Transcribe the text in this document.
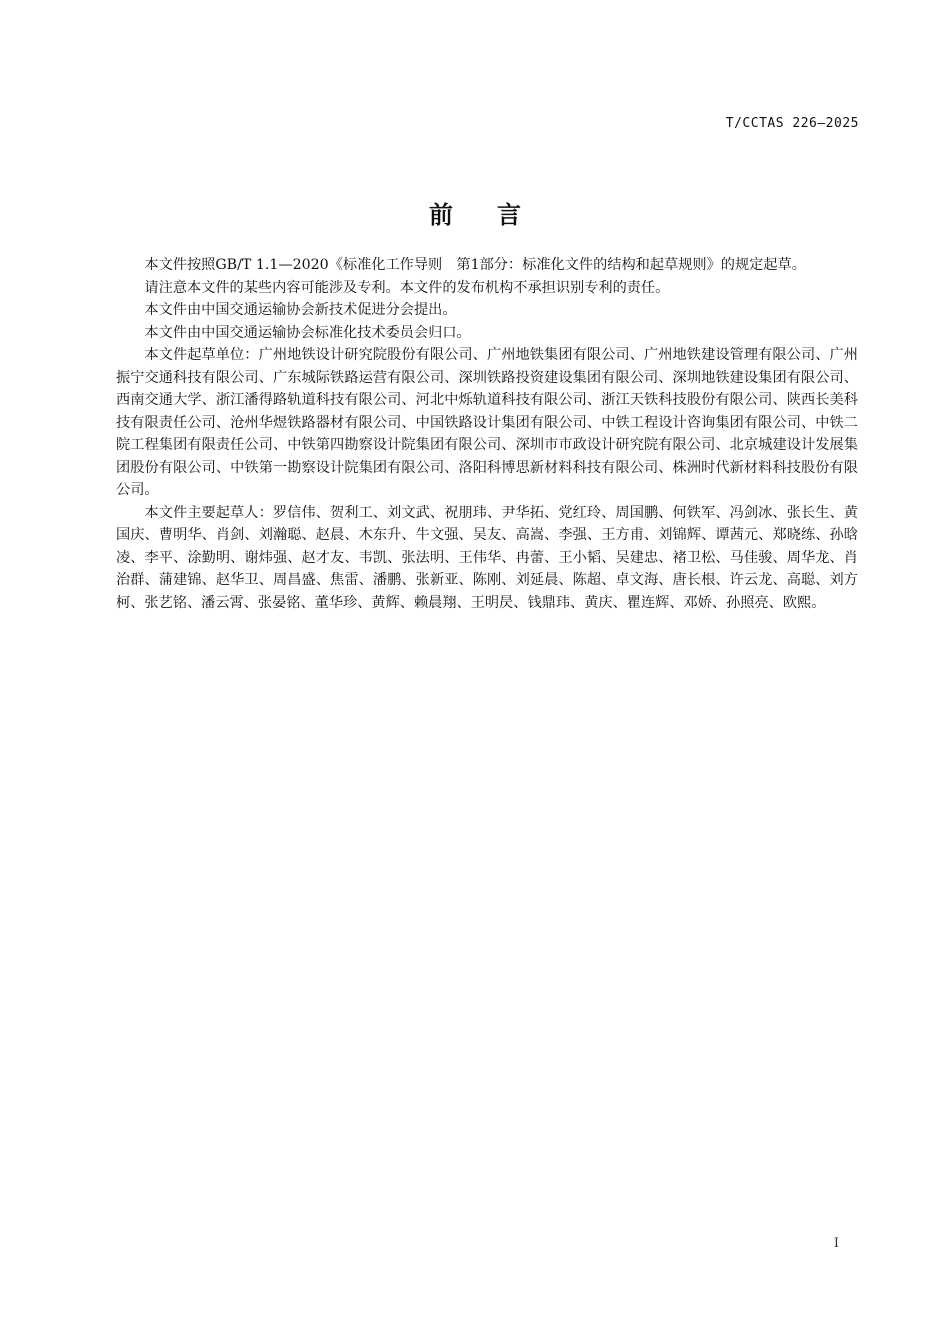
T/CCTAS 226—2025
前言

本文件按照GB/T 1.1—2020《标准化工作导则　第1部分：标准化文件的结构和起草规则》的规定起草。

请注意本文件的某些内容可能涉及专利。本文件的发布机构不承担识别专利的责任。

本文件由中国交通运输协会新技术促进分会提出。

本文件由中国交通运输协会标准化技术委员会归口。

本文件起草单位：广州地铁设计研究院股份有限公司、广州地铁集团有限公司、广州地铁建设管理有限公司、广州振宁交通科技有限公司、广东城际铁路运营有限公司、深圳铁路投资建设集团有限公司、深圳地铁建设集团有限公司、西南交通大学、浙江潘得路轨道科技有限公司、河北中烁轨道科技有限公司、浙江天铁科技股份有限公司、陕西长美科技有限责任公司、沧州华煜铁路器材有限公司、中国铁路设计集团有限公司、中铁工程设计咨询集团有限公司、中铁二院工程集团有限责任公司、中铁第四勘察设计院集团有限公司、深圳市市政设计研究院有限公司、北京城建设计发展集团股份有限公司、中铁第一勘察设计院集团有限公司、洛阳科博思新材料科技有限公司、株洲时代新材料科技股份有限公司。

本文件主要起草人：罗信伟、贺利工、刘文武、祝朋玮、尹华拓、党红玲、周国鹏、何铁军、冯剑冰、张长生、黄国庆、曹明华、肖剑、刘瀚聪、赵晨、木东升、牛文强、吴友、高嵩、李强、王方甫、刘锦辉、谭茜元、郑晓练、孙晗凌、李平、涂勤明、谢炜强、赵才友、韦凯、张法明、王伟华、冉蕾、王小韬、吴建忠、褚卫松、马佳骏、周华龙、肖治群、蒲建锦、赵华卫、周昌盛、焦雷、潘鹏、张新亚、陈刚、刘延晨、陈超、卓文海、唐长根、许云龙、高聪、刘方柯、张艺铭、潘云霄、张晏铭、董华珍、黄辉、赖晨翔、王明昃、钱鼎玮、黄庆、瞿连辉、邓娇、孙照亮、欧熙。

I
